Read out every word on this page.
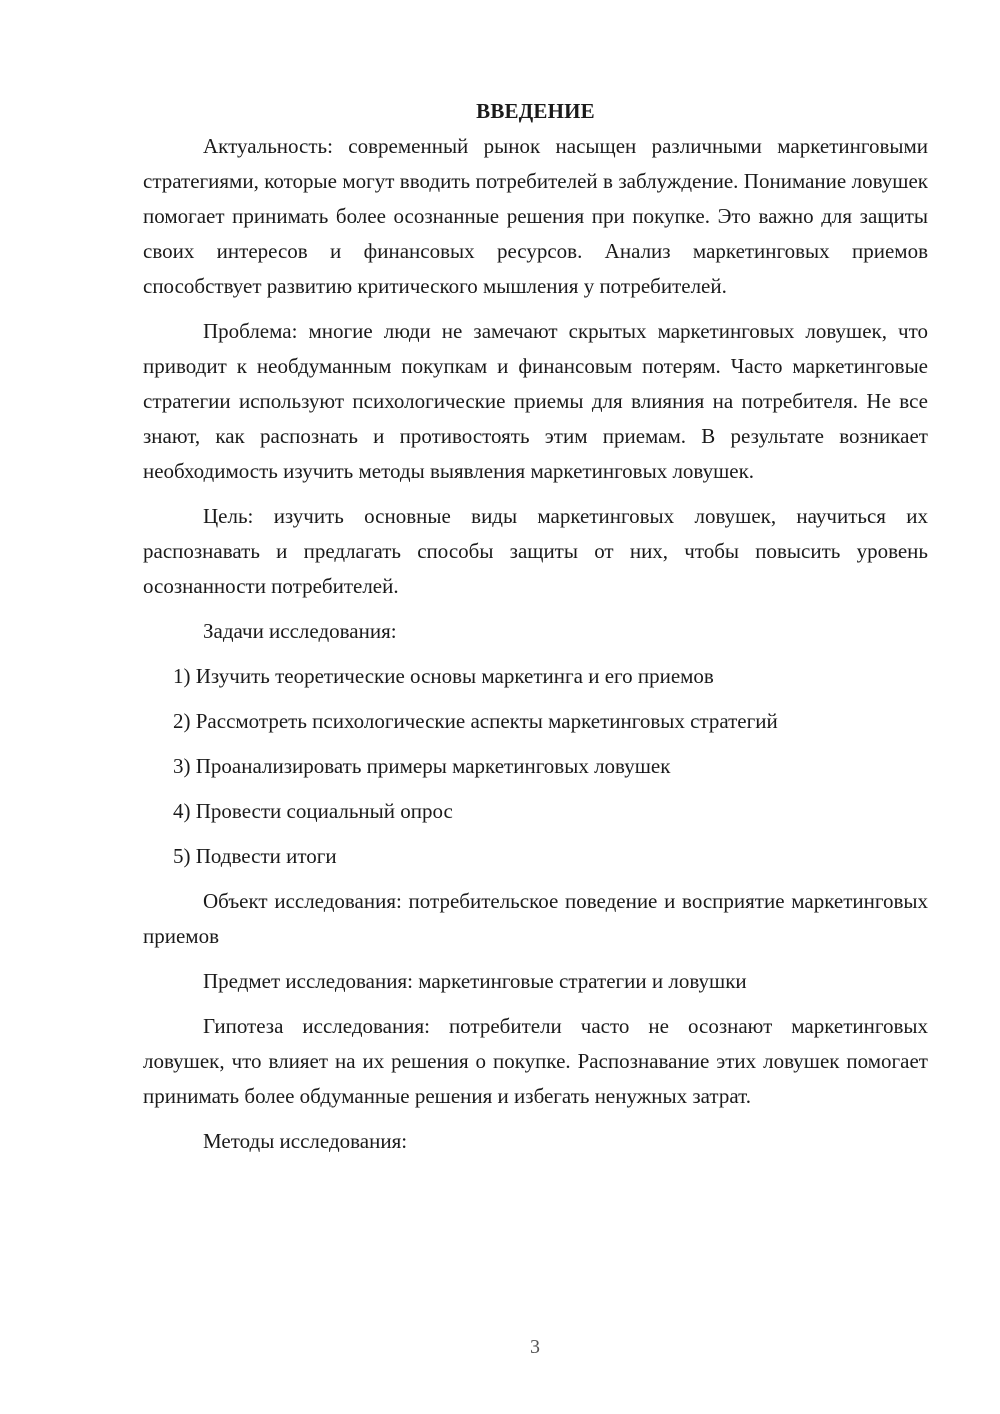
ВВЕДЕНИЕ

Актуальность: современный рынок насыщен различными маркетинговыми стратегиями, которые могут вводить потребителей в заблуждение. Понимание ловушек помогает принимать более осознанные решения при покупке. Это важно для защиты своих интересов и финансовых ресурсов. Анализ маркетинговых приемов способствует развитию критического мышления у потребителей.

Проблема: многие люди не замечают скрытых маркетинговых ловушек, что приводит к необдуманным покупкам и финансовым потерям. Часто маркетинговые стратегии используют психологические приемы для влияния на потребителя. Не все знают, как распознать и противостоять этим приемам. В результате возникает необходимость изучить методы выявления маркетинговых ловушек.

Цель: изучить основные виды маркетинговых ловушек, научиться их распознавать и предлагать способы защиты от них, чтобы повысить уровень осознанности потребителей.

Задачи исследования:

1) Изучить теоретические основы маркетинга и его приемов
2) Рассмотреть психологические аспекты маркетинговых стратегий
3) Проанализировать примеры маркетинговых ловушек
4) Провести социальный опрос
5) Подвести итоги

Объект исследования: потребительское поведение и восприятие маркетинговых приемов

Предмет исследования: маркетинговые стратегии и ловушки

Гипотеза исследования: потребители часто не осознают маркетинговых ловушек, что влияет на их решения о покупке. Распознавание этих ловушек помогает принимать более обдуманные решения и избегать ненужных затрат.

Методы исследования:

3
